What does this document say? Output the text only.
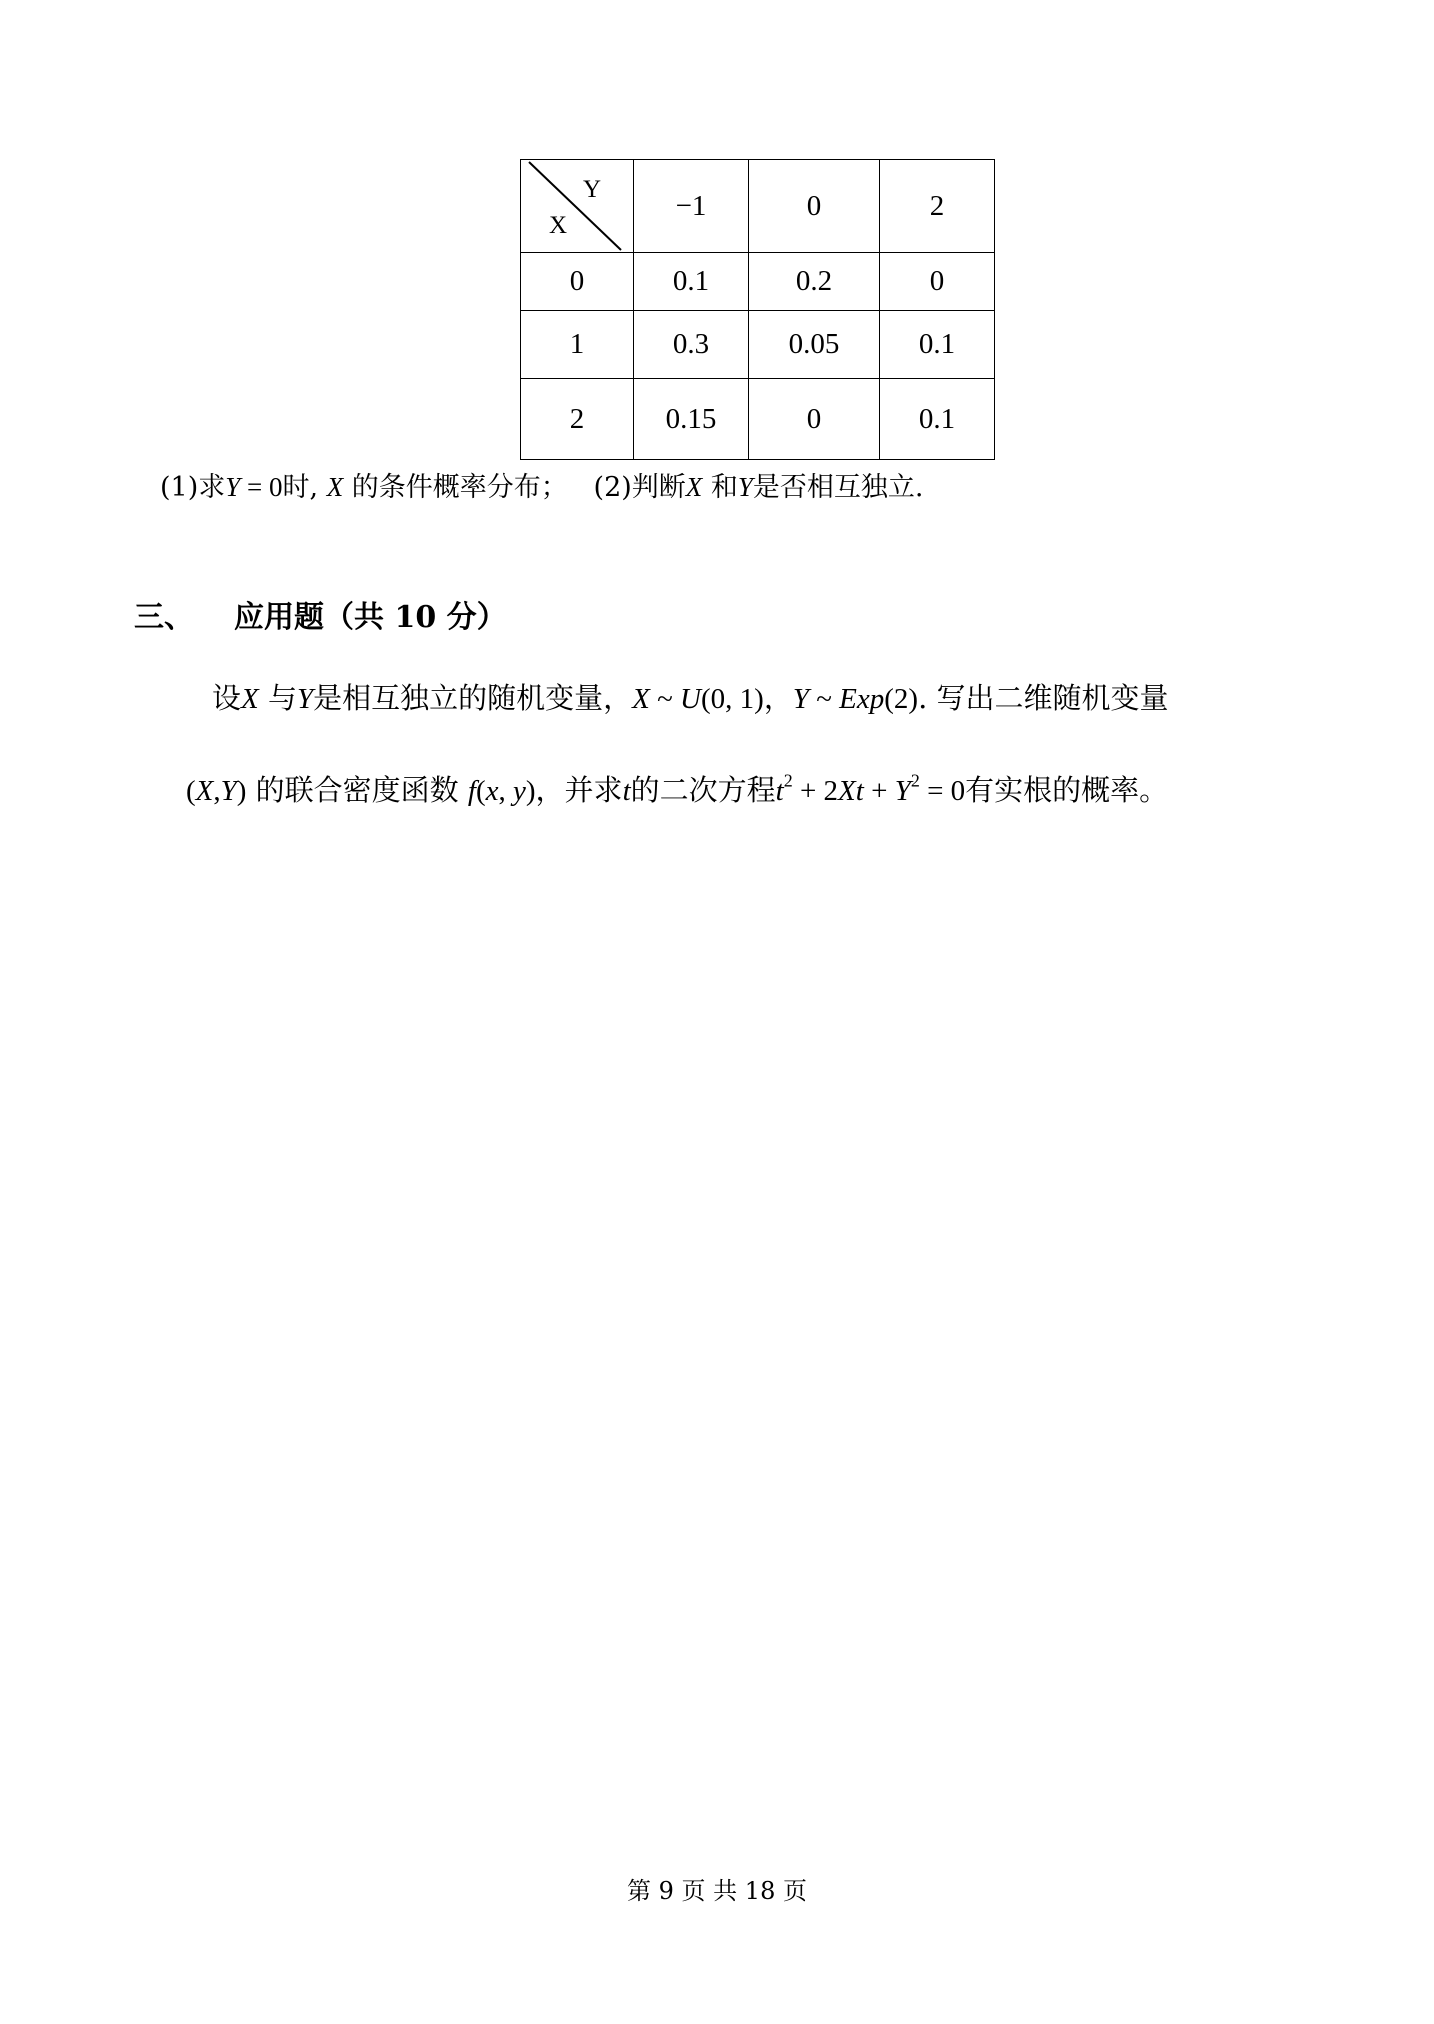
Y
X	−1	0	2
0	0.1	0.2	0
1	0.3	0.05	0.1
2	0.15	0	0.1
(1)求Y = 0时, X 的条件概率分布； (2)判断X 和Y是否相互独立.
三、 应用题（共 10 分）
设X 与Y是相互独立的随机变量，X ~ U(0, 1)，Y ~ Exp(2). 写出二维随机变量
(X,Y) 的联合密度函数 f(x, y)，并求t的二次方程$t^2 + 2Xt + Y^2 = 0$有实根的概率。
第 9 页 共 18 页
